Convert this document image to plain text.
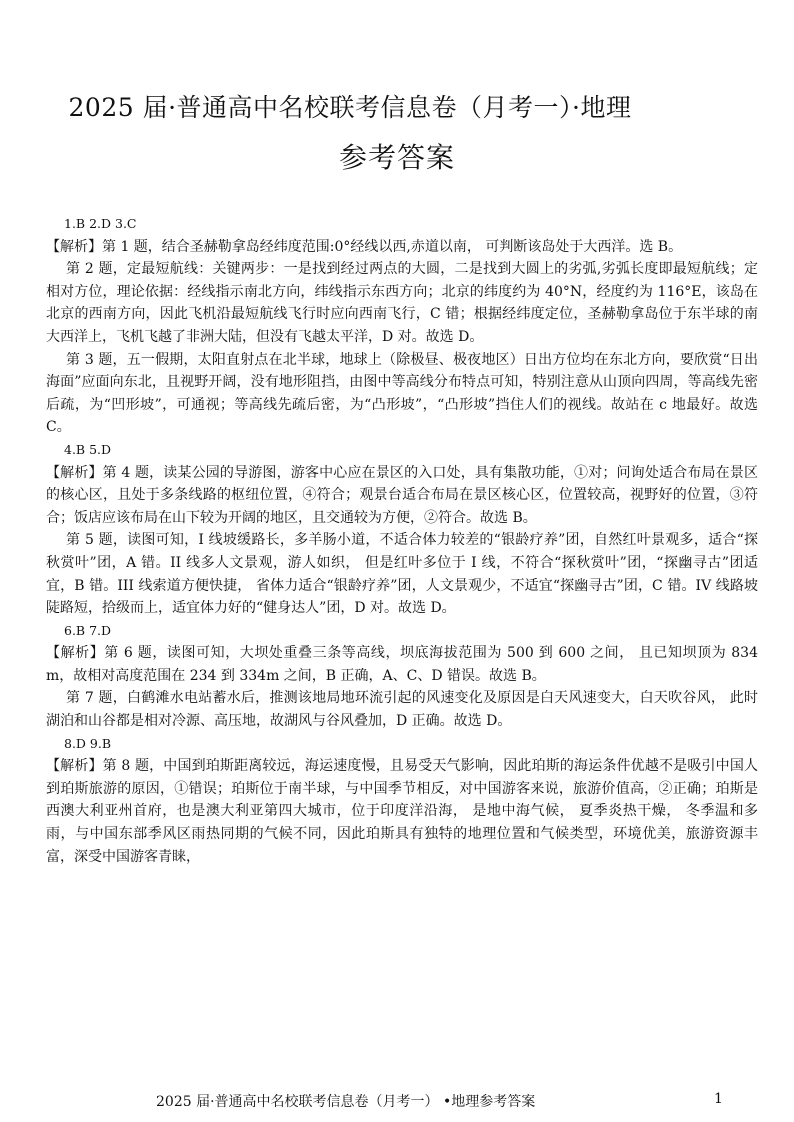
2025 届·普通高中名校联考信息卷（月考一）·地理
参考答案

1.B 2.D 3.C

【解析】第 1 题，结合圣赫勒拿岛经纬度范围:0°经线以西,赤道以南， 可判断该岛处于大西洋。选 B。

第 2 题，定最短航线：关键两步：一是找到经过两点的大圆，二是找到大圆上的劣弧,劣弧长度即最短航线；定相对方位，理论依据：经线指示南北方向，纬线指示东西方向；北京的纬度约为 40°N，经度约为 116°E，该岛在北京的西南方向，因此飞机沿最短航线飞行时应向西南飞行，C 错；根据经纬度定位，圣赫勒拿岛位于东半球的南大西洋上，飞机飞越了非洲大陆，但没有飞越太平洋，D 对。故选 D。

第 3 题，五一假期，太阳直射点在北半球，地球上（除极昼、极夜地区）日出方位均在东北方向，要欣赏“日出海面”应面向东北，且视野开阔，没有地形阻挡，由图中等高线分布特点可知，特别注意从山顶向四周，等高线先密后疏，为“凹形坡”，可通视；等高线先疏后密，为“凸形坡”，“凸形坡”挡住人们的视线。故站在 c 地最好。故选 C。

4.B 5.D

【解析】第 4 题，读某公园的导游图，游客中心应在景区的入口处，具有集散功能，①对；问询处适合布局在景区的核心区，且处于多条线路的枢纽位置，④符合；观景台适合布局在景区核心区，位置较高，视野好的位置，③符合；饭店应该布局在山下较为开阔的地区，且交通较为方便，②符合。故选 B。

第 5 题，读图可知，I 线坡缓路长，多羊肠小道，不适合体力较差的“银龄疗养”团，自然红叶景观多，适合“探秋赏叶”团，A 错。II 线多人文景观，游人如织， 但是红叶多位于 I 线，不符合“探秋赏叶”团，“探幽寻古”团适宜，B 错。III 线索道方便快捷， 省体力适合“银龄疗养”团，人文景观少，不适宜“探幽寻古”团，C 错。IV 线路坡陡路短，拾级而上，适宜体力好的“健身达人”团，D 对。故选 D。

6.B 7.D

【解析】第 6 题，读图可知，大坝处重叠三条等高线，坝底海拔范围为 500 到 600 之间， 且已知坝顶为 834 m，故相对高度范围在 234 到 334m 之间，B 正确，A、C、D 错误。故选 B。

第 7 题，白鹤滩水电站蓄水后，推测该地局地环流引起的风速变化及原因是白天风速变大，白天吹谷风， 此时湖泊和山谷都是相对冷源、高压地，故湖风与谷风叠加，D 正确。故选 D。

8.D 9.B

【解析】第 8 题，中国到珀斯距离较远，海运速度慢，且易受天气影响，因此珀斯的海运条件优越不是吸引中国人到珀斯旅游的原因，①错误；珀斯位于南半球，与中国季节相反，对中国游客来说，旅游价值高，②正确；珀斯是西澳大利亚州首府，也是澳大利亚第四大城市，位于印度洋沿海， 是地中海气候， 夏季炎热干燥， 冬季温和多雨，与中国东部季风区雨热同期的气候不同，因此珀斯具有独特的地理位置和气候类型，环境优美，旅游资源丰富，深受中国游客青睐，

2025 届·普通高中名校联考信息卷（月考一） •地理参考答案	1
